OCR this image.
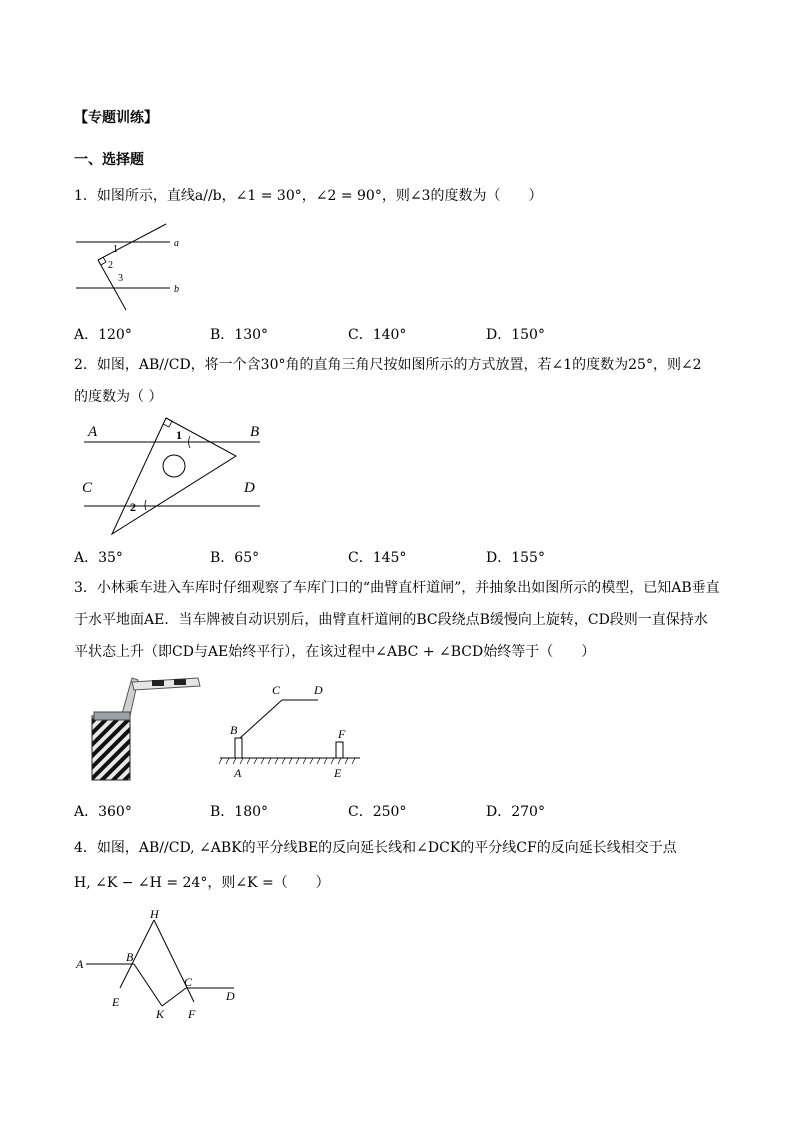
【专题训练】
一、选择题
1．如图所示，直线a//b，∠1 = 30°，∠2 = 90°，则∠3的度数为（　　）
a
b
1
2
3
A．120°	B．130°	C．140°	D．150°
2．如图，AB//CD，将一个含30°角的直角三角尺按如图所示的方式放置，若∠1的度数为25°，则∠2
的度数为（ ）
A	B
C	D
1
2
A．35°	B．65°	C．145°	D．155°
3．小林乘车进入车库时仔细观察了车库门口的“曲臂直杆道闸”，并抽象出如图所示的模型，已知AB垂直
于水平地面AE．当车牌被自动识别后，曲臂直杆道闸的BC段绕点B缓慢向上旋转，CD段则一直保持水
平状态上升（即CD与AE始终平行），在该过程中∠ABC + ∠BCD始终等于（　　）
B
C	D
A	E
F
A．360°	B．180°	C．250°	D．270°
4．如图，AB//CD, ∠ABK的平分线BE的反向延长线和∠DCK的平分线CF的反向延长线相交于点
H, ∠K − ∠H = 24°，则∠K =（　　）
H
A	B
E
K
C
D
F
